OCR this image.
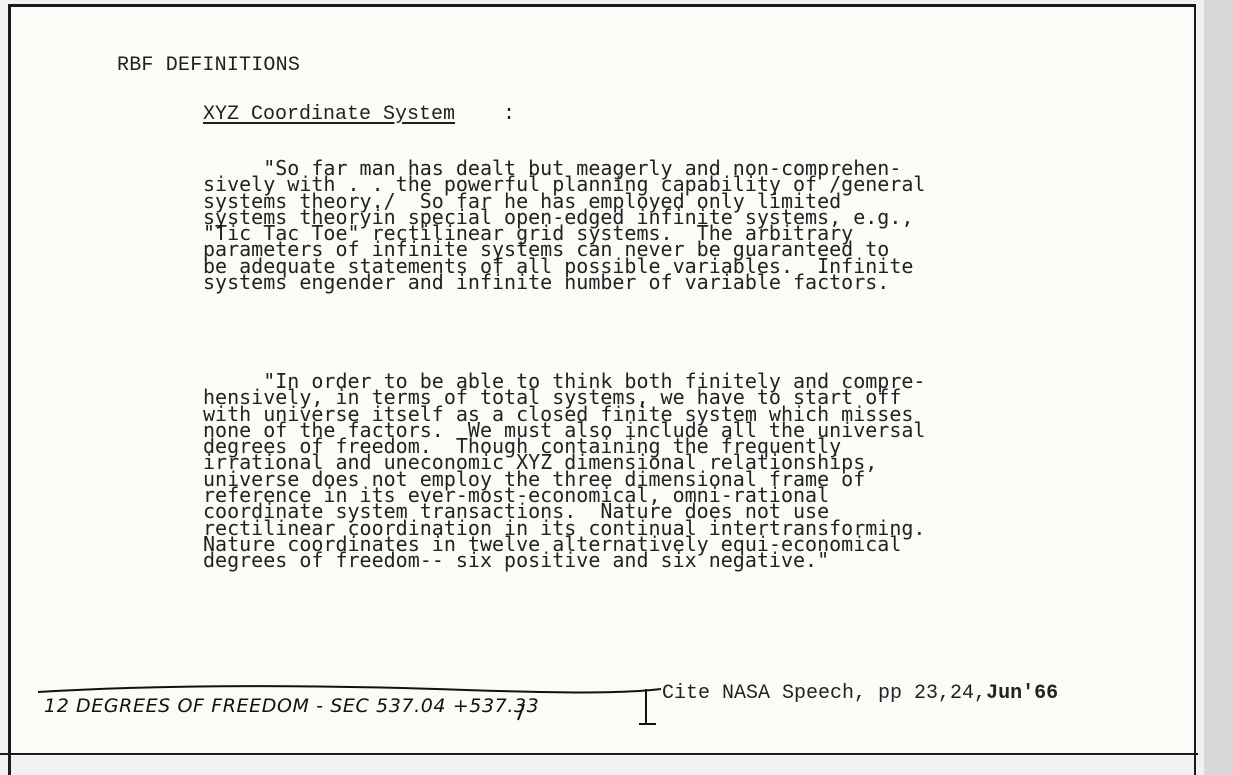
RBF DEFINITIONS
XYZ Coordinate System :
"So far man has dealt but meagerly and non-comprehen-
sively with . . the powerful planning capability of /general
systems theory./  So far he has employed only limited
systems theoryin special open-edged infinite systems, e.g.,
"Tic Tac Toe" rectilinear grid systems.  The arbitrary
parameters of infinite systems can never be guaranteed to
be adequate statements of all possible variables.  Infinite
systems engender and infinite number of variable factors.
"In order to be able to think both finitely and compre-
hensively, in terms of total systems, we have to start off
with universe itself as a closed finite system which misses
none of the factors.  We must also include all the universal
degrees of freedom.  Though containing the frequently
irrational and uneconomic XYZ dimensional relationships,
universe does not employ the three dimensional frame of
reference in its ever-most-economical, omni-rational
coordinate system transactions.  Nature does not use
rectilinear coordination in its continual intertransforming.
Nature coordinates in twelve alternatively equi-economical
degrees of freedom-- six positive and six negative."
12 DEGREES OF FREEDOM - SEC 537.04 +537.33
Cite NASA Speech, pp 23,24,Jun'66
